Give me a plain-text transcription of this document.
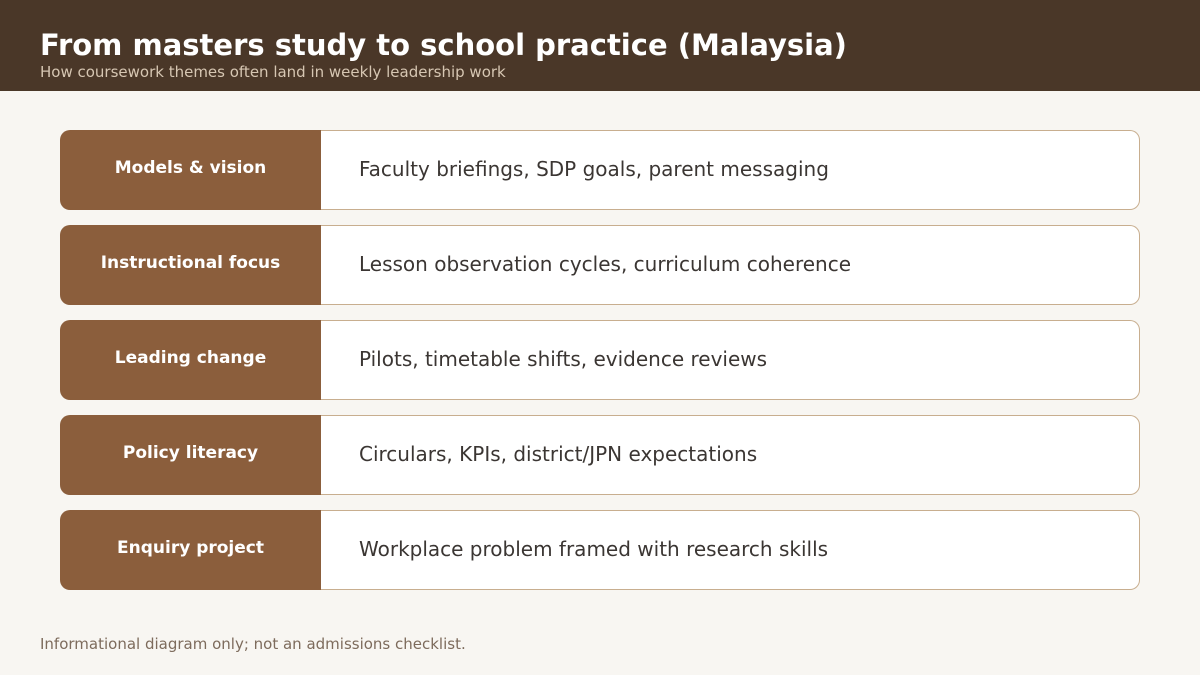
From masters study to school practice (Malaysia)
How coursework themes often land in weekly leadership work
Models & vision	Faculty briefings, SDP goals, parent messaging
Instructional focus	Lesson observation cycles, curriculum coherence
Leading change	Pilots, timetable shifts, evidence reviews
Policy literacy	Circulars, KPIs, district/JPN expectations
Enquiry project	Workplace problem framed with research skills
Informational diagram only; not an admissions checklist.
